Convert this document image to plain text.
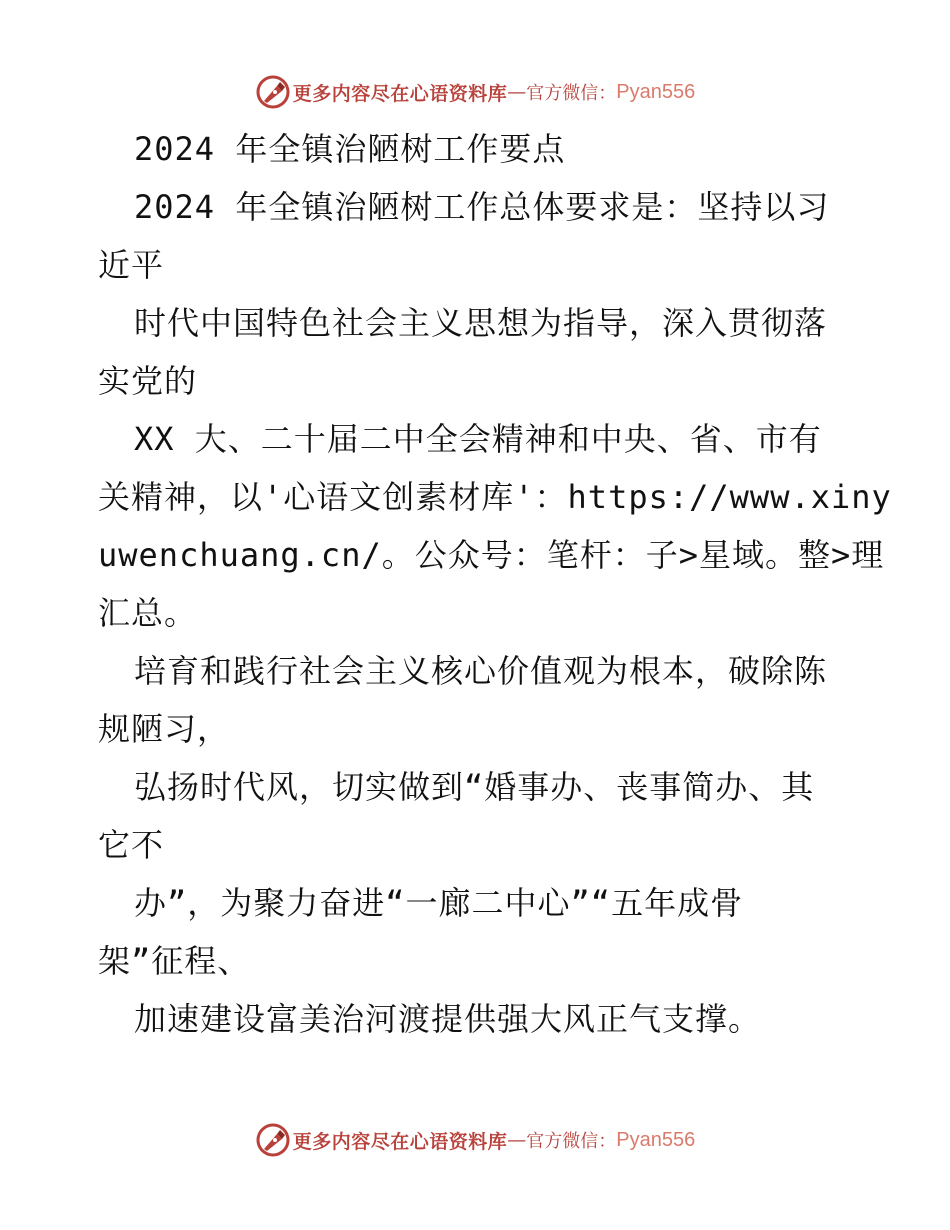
更多内容尽在心语资料库 — 官方微信： Pyan556
2024 年全镇治陋树工作要点
2024 年全镇治陋树工作总体要求是：坚持以习
近平
时代中国特色社会主义思想为指导，深入贯彻落
实党的
XX 大、二十届二中全会精神和中央、省、市有
关精神，以'心语文创素材库'：https://www.xiny
uwenchuang.cn/。公众号：笔杆：子>星域。整>理
汇总。
培育和践行社会主义核心价值观为根本，破除陈
规陋习，
弘扬时代风，切实做到“婚事办、丧事简办、其
它不
办”，为聚力奋进“一廊二中心”“五年成骨
架”征程、
加速建设富美治河渡提供强大风正气支撑。
更多内容尽在心语资料库 — 官方微信： Pyan556
